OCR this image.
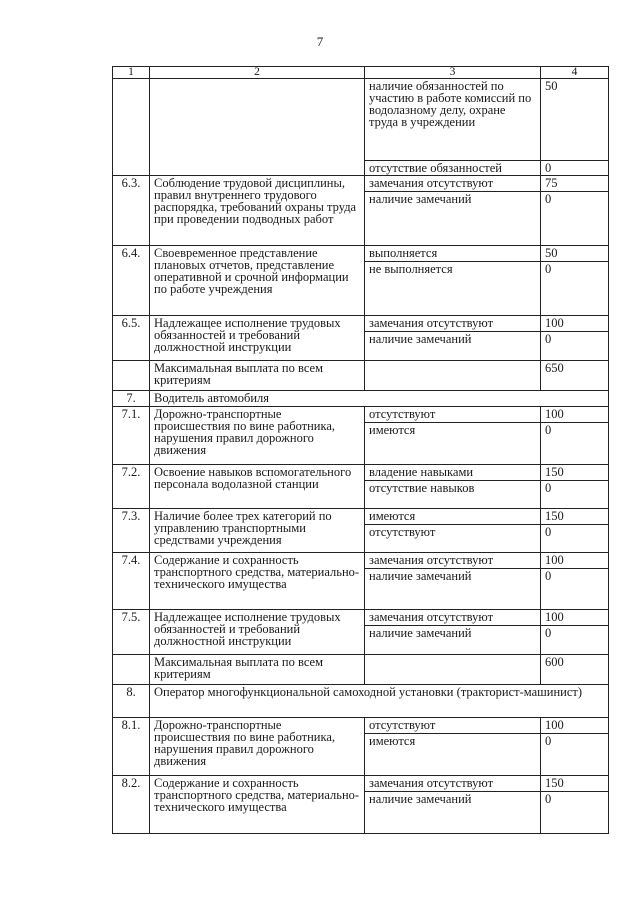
7
1	2	3	4
		наличие обязанностей по участию в работе комиссий по водолазному делу, охране труда в учреждении	50
		отсутствие обязанностей	0
6.3.	Соблюдение трудовой дисциплины, правил внутреннего трудового распорядка, требований охраны труда при проведении подводных работ	замечания отсутствуют	75
		наличие замечаний	0
6.4.	Своевременное представление плановых отчетов, представление оперативной и срочной информации по работе учреждения	выполняется	50
		не выполняется	0
6.5.	Надлежащее исполнение трудовых обязанностей и требований должностной инструкции	замечания отсутствуют	100
		наличие замечаний	0
	Максимальная выплата по всем критериям		650
7.	Водитель автомобиля		
7.1.	Дорожно-транспортные происшествия по вине работника, нарушения правил дорожного движения	отсутствуют	100
		имеются	0
7.2.	Освоение навыков вспомогательного персонала водолазной станции	владение навыками	150
		отсутствие навыков	0
7.3.	Наличие более трех категорий по управлению транспортными средствами учреждения	имеются	150
		отсутствуют	0
7.4.	Содержание и сохранность транспортного средства, материально-технического имущества	замечания отсутствуют	100
		наличие замечаний	0
7.5.	Надлежащее исполнение трудовых обязанностей и требований должностной инструкции	замечания отсутствуют	100
		наличие замечаний	0
	Максимальная выплата по всем критериям		600
8.	Оператор многофункциональной самоходной установки (тракторист-машинист)		
8.1.	Дорожно-транспортные происшествия по вине работника, нарушения правил дорожного движения	отсутствуют	100
		имеются	0
8.2.	Содержание и сохранность транспортного средства, материально-технического имущества	замечания отсутствуют	150
		наличие замечаний	0
